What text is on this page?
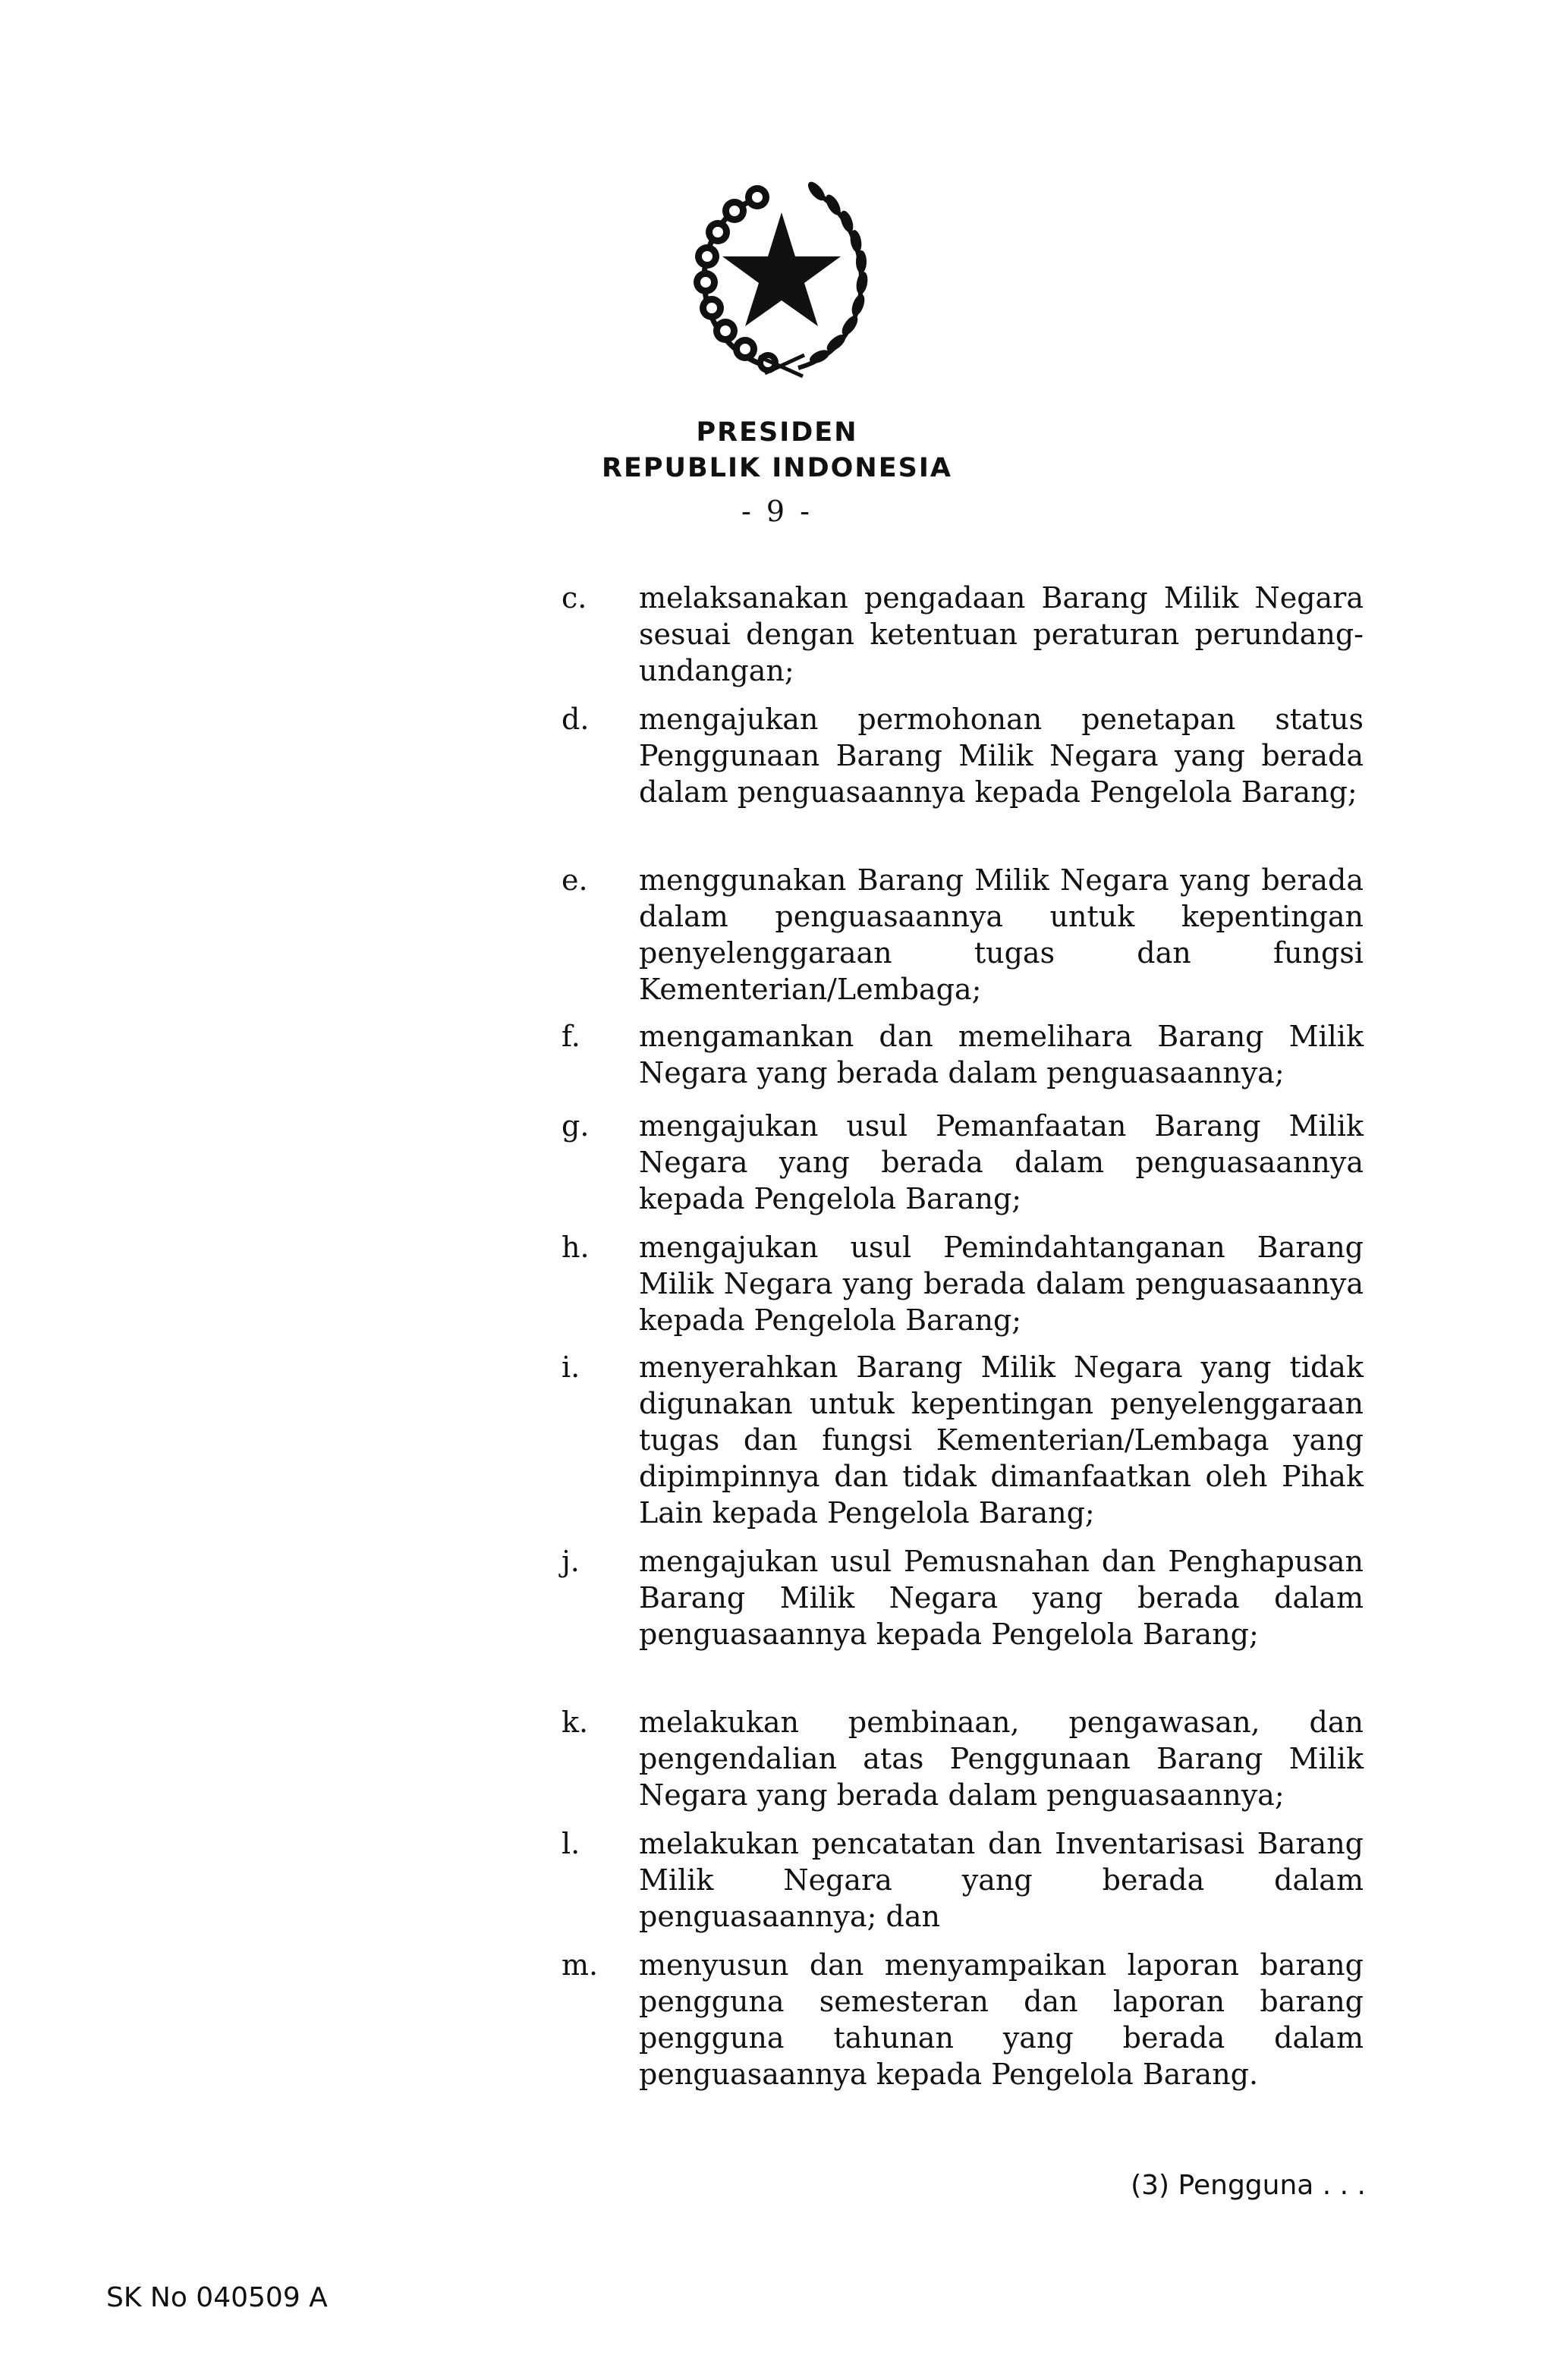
PRESIDEN
REPUBLIK INDONESIA
- 9 -
c.	melaksanakan pengadaan Barang Milik Negara sesuai dengan ketentuan peraturan perundang-undangan;
d.	mengajukan permohonan penetapan status Penggunaan Barang Milik Negara yang berada dalam penguasaannya kepada Pengelola Barang;
e.	menggunakan Barang Milik Negara yang berada dalam penguasaannya untuk kepentingan penyelenggaraan tugas dan fungsi Kementerian/Lembaga;
f.	mengamankan dan memelihara Barang Milik Negara yang berada dalam penguasaannya;
g.	mengajukan usul Pemanfaatan Barang Milik Negara yang berada dalam penguasaannya kepada Pengelola Barang;
h.	mengajukan usul Pemindahtanganan Barang Milik Negara yang berada dalam penguasaannya kepada Pengelola Barang;
i.	menyerahkan Barang Milik Negara yang tidak digunakan untuk kepentingan penyelenggaraan tugas dan fungsi Kementerian/Lembaga yang dipimpinnya dan tidak dimanfaatkan oleh Pihak Lain kepada Pengelola Barang;
j.	mengajukan usul Pemusnahan dan Penghapusan Barang Milik Negara yang berada dalam penguasaannya kepada Pengelola Barang;
k.	melakukan pembinaan, pengawasan, dan pengendalian atas Penggunaan Barang Milik Negara yang berada dalam penguasaannya;
l.	melakukan pencatatan dan Inventarisasi Barang Milik Negara yang berada dalam penguasaannya; dan
m.	menyusun dan menyampaikan laporan barang pengguna semesteran dan laporan barang pengguna tahunan yang berada dalam penguasaannya kepada Pengelola Barang.
(3) Pengguna . . .
SK No 040509 A
